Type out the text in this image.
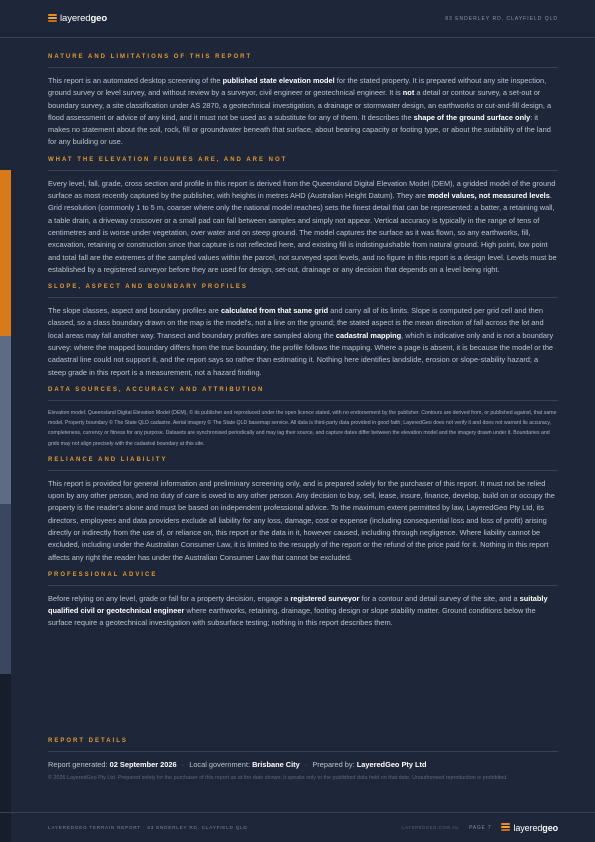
layeredgeo	83 ENDERLEY RD, CLAYFIELD QLD
NATURE AND LIMITATIONS OF THIS REPORT

This report is an automated desktop screening of the published state elevation model for the stated property. It is prepared without any site inspection, ground survey or level survey, and without review by a surveyor, civil engineer or geotechnical engineer. It is not a detail or contour survey, a set-out or boundary survey, a site classification under AS 2870, a geotechnical investigation, a drainage or stormwater design, an earthworks or cut-and-fill design, a flood assessment or advice of any kind, and it must not be used as a substitute for any of them. It describes the shape of the ground surface only: it makes no statement about the soil, rock, fill or groundwater beneath that surface, about bearing capacity or footing type, or about the suitability of the land for any building or use.

WHAT THE ELEVATION FIGURES ARE, AND ARE NOT

Every level, fall, grade, cross section and profile in this report is derived from the Queensland Digital Elevation Model (DEM), a gridded model of the ground surface as most recently captured by the publisher, with heights in metres AHD (Australian Height Datum). They are model values, not measured levels. Grid resolution (commonly 1 to 5 m, coarser where only the national model reaches) sets the finest detail that can be represented: a batter, a retaining wall, a table drain, a driveway crossover or a small pad can fall between samples and simply not appear. Vertical accuracy is typically in the range of tens of centimetres and is worse under vegetation, over water and on steep ground. The model captures the surface as it was flown, so any earthworks, fill, excavation, retaining or construction since that capture is not reflected here, and existing fill is indistinguishable from natural ground. High point, low point and total fall are the extremes of the sampled values within the parcel, not surveyed spot levels, and no figure in this report is a design level. Levels must be established by a registered surveyor before they are used for design, set-out, drainage or any decision that depends on a level being right.

SLOPE, ASPECT AND BOUNDARY PROFILES

The slope classes, aspect and boundary profiles are calculated from that same grid and carry all of its limits. Slope is computed per grid cell and then classed, so a class boundary drawn on the map is the model's, not a line on the ground; the stated aspect is the mean direction of fall across the lot and local areas may fall another way. Transect and boundary profiles are sampled along the cadastral mapping, which is indicative only and is not a boundary survey: where the mapped boundary differs from the true boundary, the profile follows the mapping. Where a page is absent, it is because the model or the cadastral line could not support it, and the report says so rather than estimating it. Nothing here identifies landslide, erosion or slope-stability hazard; a steep grade in this report is a measurement, not a hazard finding.

DATA SOURCES, ACCURACY AND ATTRIBUTION

Elevation model: Queensland Digital Elevation Model (DEM), © its publisher and reproduced under the open licence stated, with no endorsement by the publisher. Contours are derived from, or published against, that same model. Property boundary © The State QLD cadastre. Aerial imagery © The State QLD basemap service. All data is third-party data provided in good faith; LayeredGeo does not verify it and does not warrant its accuracy, completeness, currency or fitness for any purpose. Datasets are synchronised periodically and may lag their source, and capture dates differ between the elevation model and the imagery drawn under it. Boundaries and grids may not align precisely with the cadastral boundary at this site.

RELIANCE AND LIABILITY

This report is provided for general information and preliminary screening only, and is prepared solely for the purchaser of this report. It must not be relied upon by any other person, and no duty of care is owed to any other person. Any decision to buy, sell, lease, insure, finance, develop, build on or occupy the property is the reader's alone and must be based on independent professional advice. To the maximum extent permitted by law, LayeredGeo Pty Ltd, its directors, employees and data providers exclude all liability for any loss, damage, cost or expense (including consequential loss and loss of profit) arising directly or indirectly from the use of, or reliance on, this report or the data in it, however caused, including through negligence. Where liability cannot be excluded, including under the Australian Consumer Law, it is limited to the resupply of the report or the refund of the price paid for it. Nothing in this report affects any right the reader has under the Australian Consumer Law that cannot be excluded.

PROFESSIONAL ADVICE

Before relying on any level, grade or fall for a property decision, engage a registered surveyor for a contour and detail survey of the site, and a suitably qualified civil or geotechnical engineer where earthworks, retaining, drainage, footing design or slope stability matter. Ground conditions below the surface require a geotechnical investigation with subsurface testing; nothing in this report describes them.

REPORT DETAILS
Report generated: 02 September 2026 · Local government: Brisbane City · Prepared by: LayeredGeo Pty Ltd
© 2026 LayeredGeo Pty Ltd. Prepared solely for the purchaser of this report as at the date shown; it speaks only to the published data held on that date. Unauthorised reproduction is prohibited.
LAYEREDGEO TERRAIN REPORT · 83 ENDERLEY RD, CLAYFIELD QLD	LAYEREDGEO.COM.AU PAGE 7 layeredgeo
